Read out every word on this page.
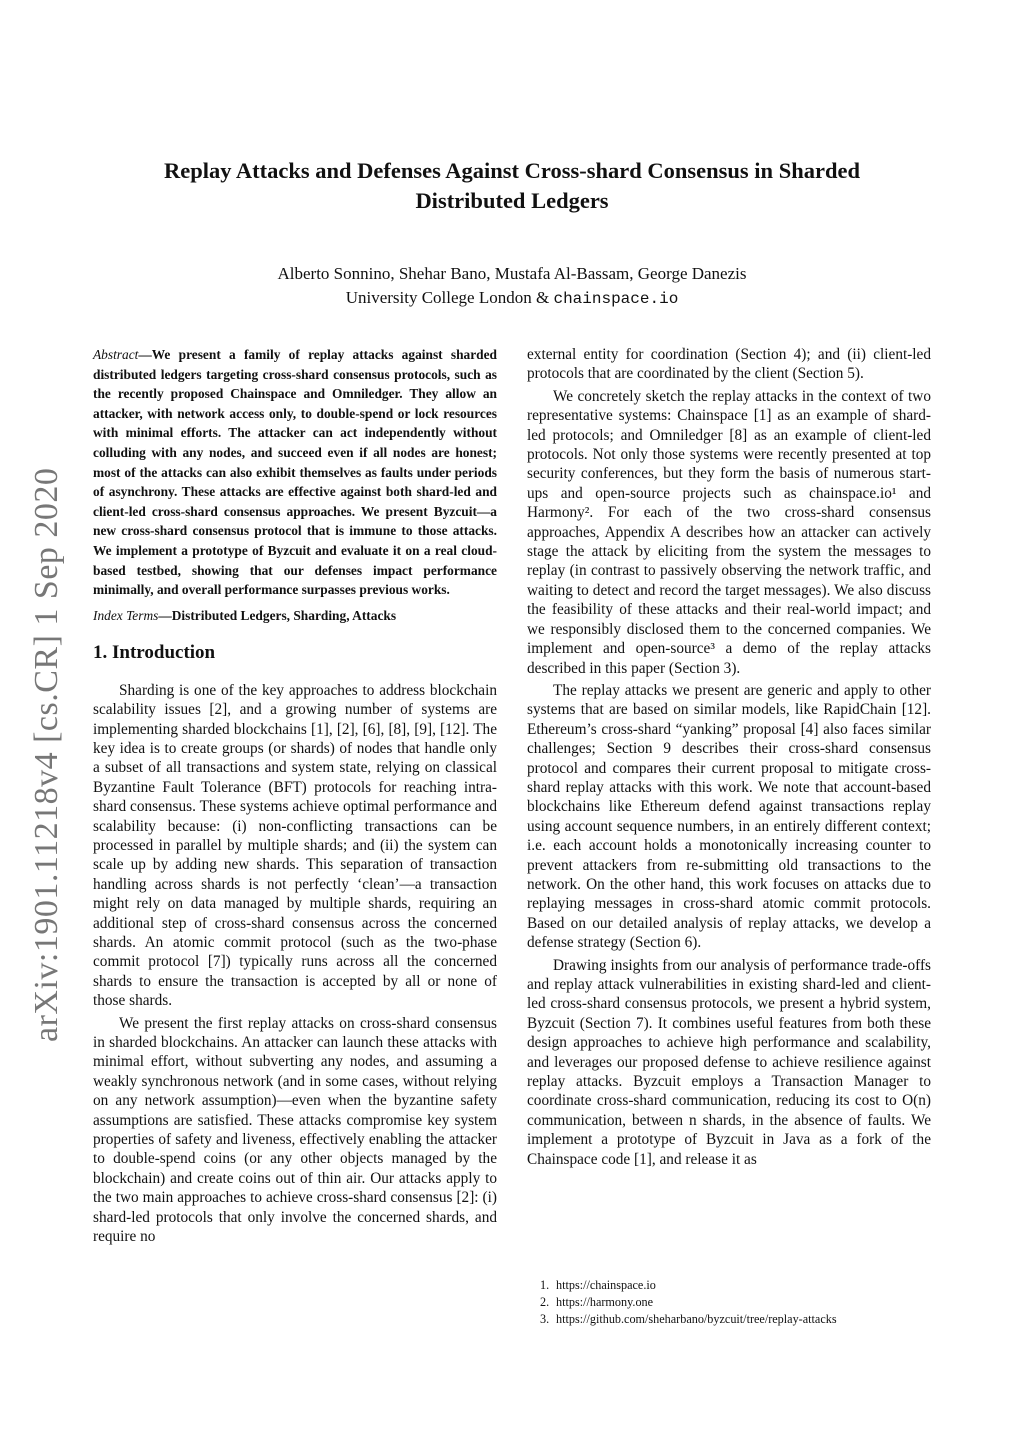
arXiv:1901.11218v4 [cs.CR] 1 Sep 2020
Replay Attacks and Defenses Against Cross-shard Consensus in Sharded Distributed Ledgers
Alberto Sonnino, Shehar Bano, Mustafa Al-Bassam, George Danezis
University College London & chainspace.io

Abstract—We present a family of replay attacks against sharded distributed ledgers targeting cross-shard consensus protocols, such as the recently proposed Chainspace and Omniledger. They allow an attacker, with network access only, to double-spend or lock resources with minimal efforts. The attacker can act independently without colluding with any nodes, and succeed even if all nodes are honest; most of the attacks can also exhibit themselves as faults under periods of asynchrony. These attacks are effective against both shard-led and client-led cross-shard consensus approaches. We present Byzcuit—a new cross-shard consensus protocol that is immune to those attacks. We implement a prototype of Byzcuit and evaluate it on a real cloud-based testbed, showing that our defenses impact performance minimally, and overall performance surpasses previous works.

Index Terms—Distributed Ledgers, Sharding, Attacks

1. Introduction

Sharding is one of the key approaches to address blockchain scalability issues [2], and a growing number of systems are implementing sharded blockchains [1], [2], [6], [8], [9], [12]. The key idea is to create groups (or shards) of nodes that handle only a subset of all transactions and system state, relying on classical Byzantine Fault Tolerance (BFT) protocols for reaching intra-shard consensus. These systems achieve optimal performance and scalability because: (i) non-conflicting transactions can be processed in parallel by multiple shards; and (ii) the system can scale up by adding new shards. This separation of transaction handling across shards is not perfectly ‘clean’—a transaction might rely on data managed by multiple shards, requiring an additional step of cross-shard consensus across the concerned shards. An atomic commit protocol (such as the two-phase commit protocol [7]) typically runs across all the concerned shards to ensure the transaction is accepted by all or none of those shards.

We present the first replay attacks on cross-shard consensus in sharded blockchains. An attacker can launch these attacks with minimal effort, without subverting any nodes, and assuming a weakly synchronous network (and in some cases, without relying on any network assumption)—even when the byzantine safety assumptions are satisfied. These attacks compromise key system properties of safety and liveness, effectively enabling the attacker to double-spend coins (or any other objects managed by the blockchain) and create coins out of thin air. Our attacks apply to the two main approaches to achieve cross-shard consensus [2]: (i) shard-led protocols that only involve the concerned shards, and require no

external entity for coordination (Section 4); and (ii) client-led protocols that are coordinated by the client (Section 5).

We concretely sketch the replay attacks in the context of two representative systems: Chainspace [1] as an example of shard-led protocols; and Omniledger [8] as an example of client-led protocols. Not only those systems were recently presented at top security conferences, but they form the basis of numerous start-ups and open-source projects such as chainspace.io¹ and Harmony². For each of the two cross-shard consensus approaches, Appendix A describes how an attacker can actively stage the attack by eliciting from the system the messages to replay (in contrast to passively observing the network traffic, and waiting to detect and record the target messages). We also discuss the feasibility of these attacks and their real-world impact; and we responsibly disclosed them to the concerned companies. We implement and open-source³ a demo of the replay attacks described in this paper (Section 3).

The replay attacks we present are generic and apply to other systems that are based on similar models, like RapidChain [12]. Ethereum’s cross-shard “yanking” proposal [4] also faces similar challenges; Section 9 describes their cross-shard consensus protocol and compares their current proposal to mitigate cross-shard replay attacks with this work. We note that account-based blockchains like Ethereum defend against transactions replay using account sequence numbers, in an entirely different context; i.e. each account holds a monotonically increasing counter to prevent attackers from re-submitting old transactions to the network. On the other hand, this work focuses on attacks due to replaying messages in cross-shard atomic commit protocols. Based on our detailed analysis of replay attacks, we develop a defense strategy (Section 6).

Drawing insights from our analysis of performance trade-offs and replay attack vulnerabilities in existing shard-led and client-led cross-shard consensus protocols, we present a hybrid system, Byzcuit (Section 7). It combines useful features from both these design approaches to achieve high performance and scalability, and leverages our proposed defense to achieve resilience against replay attacks. Byzcuit employs a Transaction Manager to coordinate cross-shard communication, reducing its cost to O(n) communication, between n shards, in the absence of faults. We implement a prototype of Byzcuit in Java as a fork of the Chainspace code [1], and release it as

1. https://chainspace.io
2. https://harmony.one
3. https://github.com/sheharbano/byzcuit/tree/replay-attacks
